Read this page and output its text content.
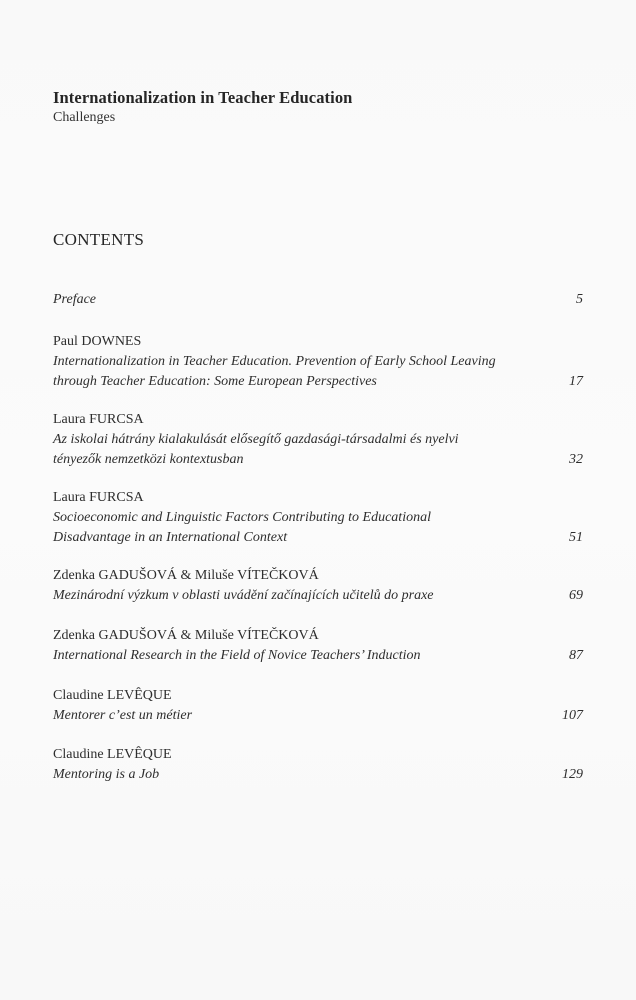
Internationalization in Teacher Education
Challenges
CONTENTS
Preface	5
Paul DOWNES
Internationalization in Teacher Education. Prevention of Early School Leaving
through Teacher Education: Some European Perspectives	17
Laura FURCSA
Az iskolai hátrány kialakulását elősegítő gazdasági-társadalmi és nyelvi
tényezők nemzetközi kontextusban	32
Laura FURCSA
Socioeconomic and Linguistic Factors Contributing to Educational
Disadvantage in an International Context	51
Zdenka GADUŠOVÁ & Miluše VÍTEČKOVÁ
Mezinárodní výzkum v oblasti uvádění začínajících učitelů do praxe	69
Zdenka GADUŠOVÁ & Miluše VÍTEČKOVÁ
International Research in the Field of Novice Teachers’ Induction	87
Claudine LEVÊQUE
Mentorer c’est un métier	107
Claudine LEVÊQUE
Mentoring is a Job	129
